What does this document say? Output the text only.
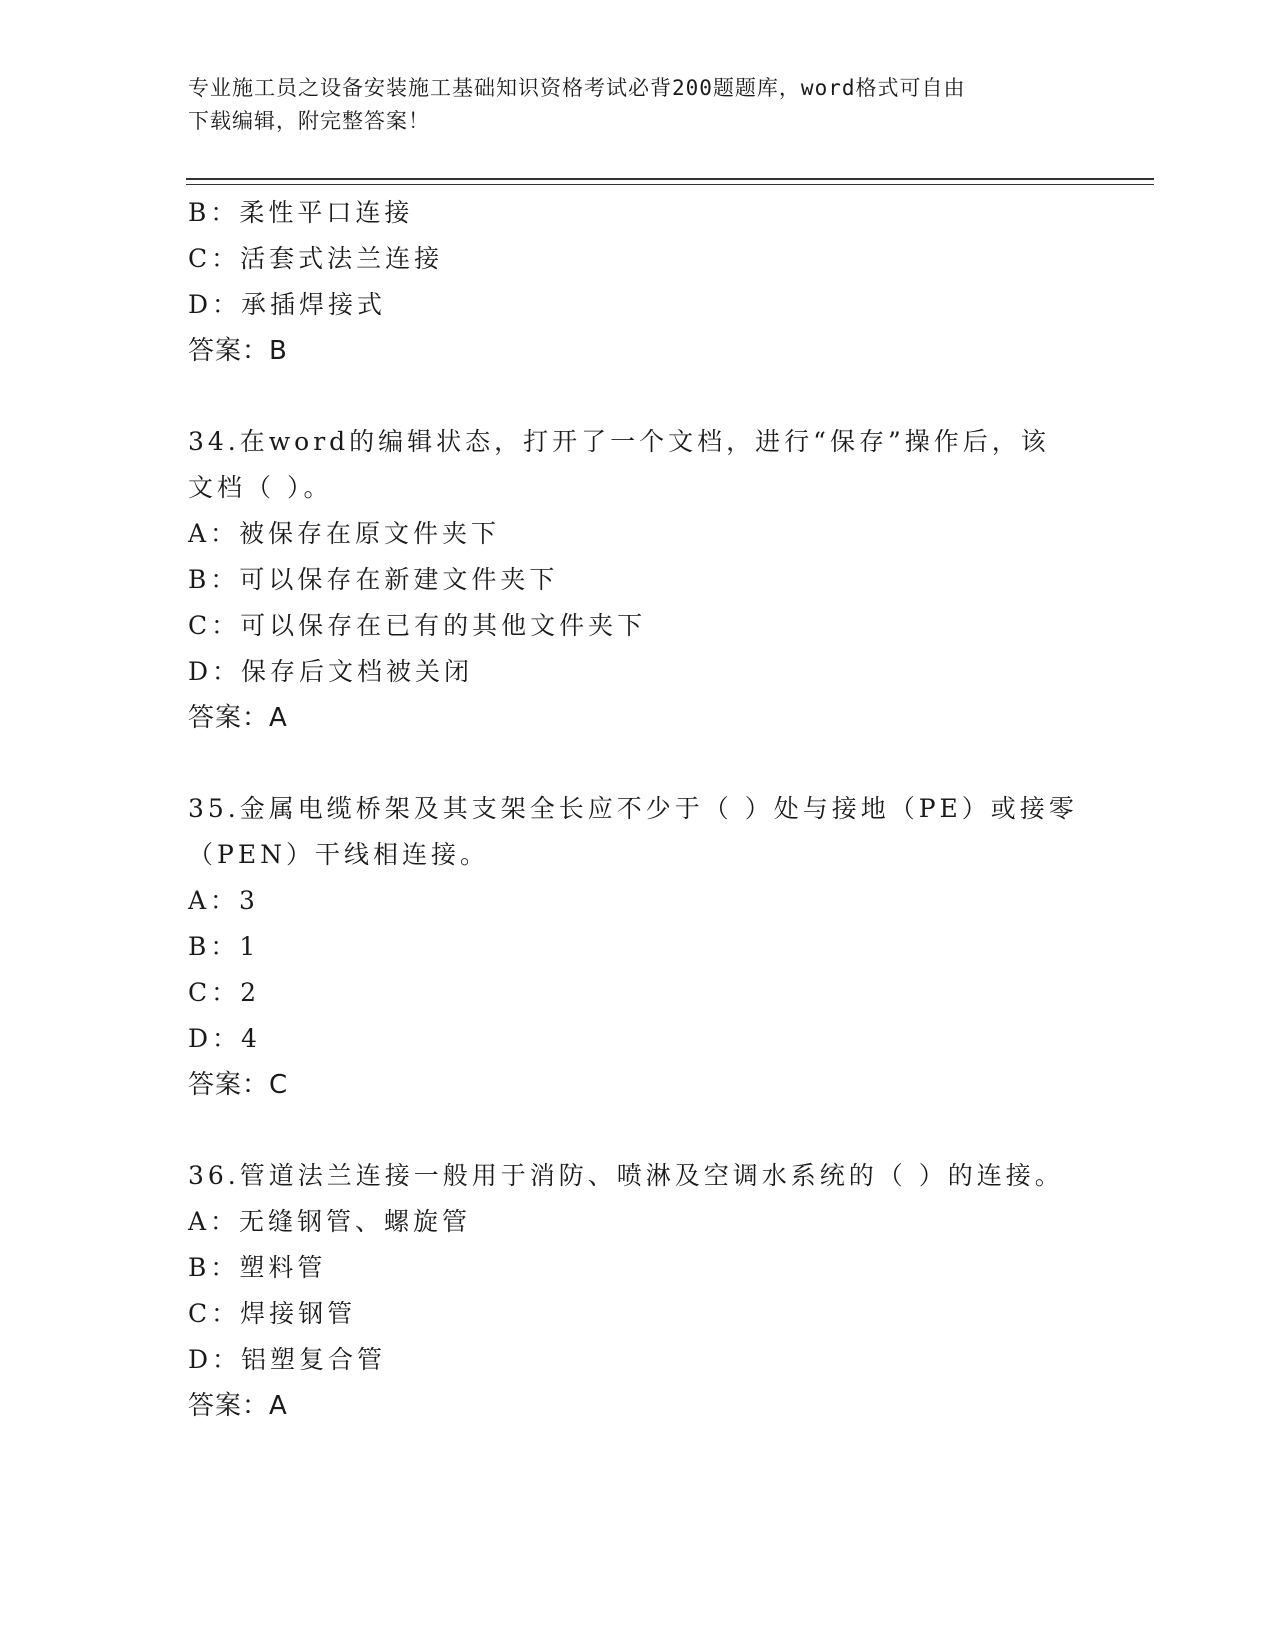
专业施工员之设备安装施工基础知识资格考试必背200题题库，word格式可自由
下载编辑，附完整答案！
B：柔性平口连接
C：活套式法兰连接
D：承插焊接式
答案：B
34.在word的编辑状态，打开了一个文档，进行“保存”操作后，该
文档（ ）。
A：被保存在原文件夹下
B：可以保存在新建文件夹下
C：可以保存在已有的其他文件夹下
D：保存后文档被关闭
答案：A
35.金属电缆桥架及其支架全长应不少于（ ）处与接地（PE）或接零
（PEN）干线相连接。
A：3
B：1
C：2
D：4
答案：C
36.管道法兰连接一般用于消防、喷淋及空调水系统的（ ）的连接。
A：无缝钢管、螺旋管
B：塑料管
C：焊接钢管
D：铝塑复合管
答案：A
